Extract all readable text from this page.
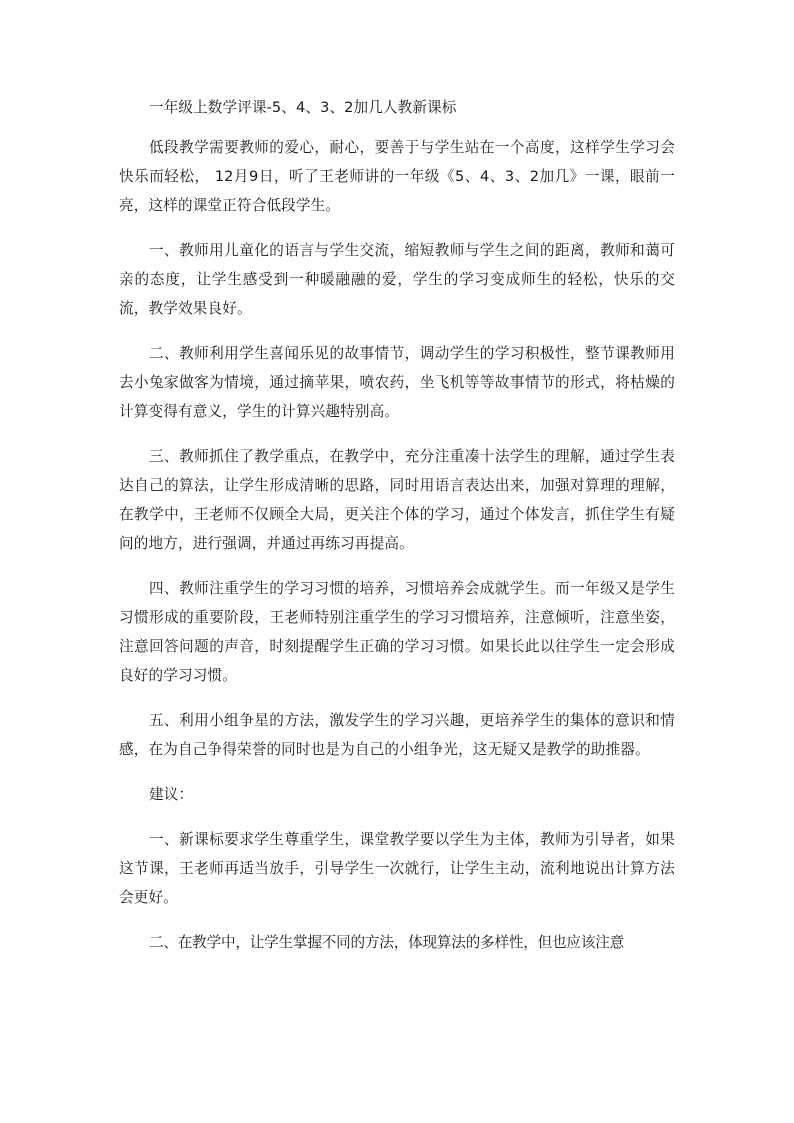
一年级上数学评课-5、4、3、2加几人教新课标

低段教学需要教师的爱心，耐心，要善于与学生站在一个高度，这样学生学习会快乐而轻松， 12月9日，听了王老师讲的一年级《5、4、3、2加几》一课，眼前一亮，这样的课堂正符合低段学生。

一、教师用儿童化的语言与学生交流，缩短教师与学生之间的距离，教师和蔼可亲的态度，让学生感受到一种暖融融的爱，学生的学习变成师生的轻松，快乐的交流，教学效果良好。

二、教师利用学生喜闻乐见的故事情节，调动学生的学习积极性，整节课教师用去小兔家做客为情境，通过摘苹果，喷农药，坐飞机等等故事情节的形式，将枯燥的计算变得有意义，学生的计算兴趣特别高。

三、教师抓住了教学重点，在教学中，充分注重凑十法学生的理解，通过学生表达自己的算法，让学生形成清晰的思路，同时用语言表达出来，加强对算理的理解，在教学中，王老师不仅顾全大局，更关注个体的学习，通过个体发言，抓住学生有疑问的地方，进行强调，并通过再练习再提高。

四、教师注重学生的学习习惯的培养，习惯培养会成就学生。而一年级又是学生习惯形成的重要阶段，王老师特别注重学生的学习习惯培养，注意倾听，注意坐姿，注意回答问题的声音，时刻提醒学生正确的学习习惯。如果长此以往学生一定会形成良好的学习习惯。

五、利用小组争星的方法，激发学生的学习兴趣，更培养学生的集体的意识和情感，在为自己争得荣誉的同时也是为自己的小组争光，这无疑又是教学的助推器。

建议：

一、新课标要求学生尊重学生，课堂教学要以学生为主体，教师为引导者，如果这节课，王老师再适当放手，引导学生一次就行，让学生主动，流利地说出计算方法会更好。

二、在教学中，让学生掌握不同的方法，体现算法的多样性，但也应该注意
